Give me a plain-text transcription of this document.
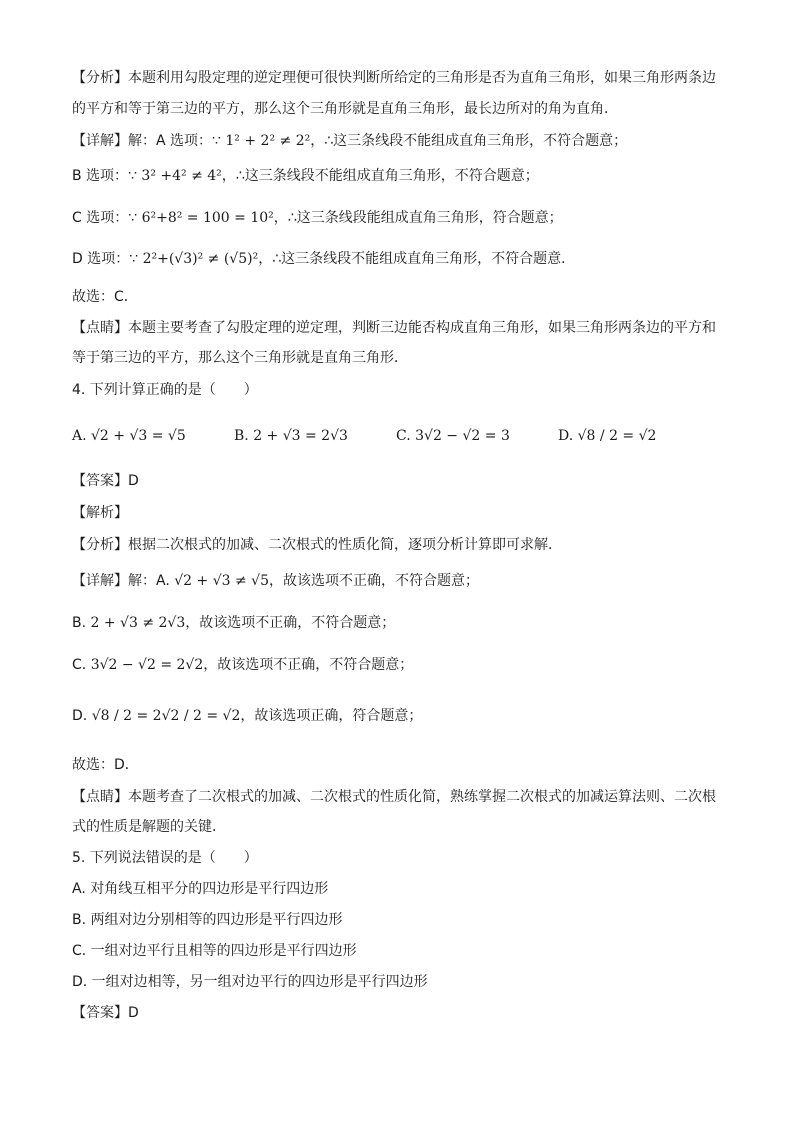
【分析】本题利用勾股定理的逆定理便可很快判断所给定的三角形是否为直角三角形，如果三角形两条边
的平方和等于第三边的平方，那么这个三角形就是直角三角形，最长边所对的角为直角．
【详解】解：A 选项：∵ 1² + 2² ≠ 2²，∴这三条线段不能组成直角三角形，不符合题意；
B 选项：∵ 3² +4² ≠ 4²，∴这三条线段不能组成直角三角形，不符合题意；
C 选项：∵ 6²+8² = 100 = 10²，∴这三条线段能组成直角三角形，符合题意；
D 选项：∵ 2²+(√3)² ≠ (√5)²，∴这三条线段不能组成直角三角形，不符合题意．
故选：C．
【点睛】本题主要考查了勾股定理的逆定理，判断三边能否构成直角三角形，如果三角形两条边的平方和
等于第三边的平方，那么这个三角形就是直角三角形．
4. 下列计算正确的是（　　）
A. √2 + √3 = √5	B. 2 + √3 = 2√3	C. 3√2 − √2 = 3	D. √8 / 2 = √2
【答案】D
【解析】
【分析】根据二次根式的加减、二次根式的性质化简，逐项分析计算即可求解．
【详解】解：A. √2 + √3 ≠ √5，故该选项不正确，不符合题意；
B. 2 + √3 ≠ 2√3，故该选项不正确，不符合题意；
C. 3√2 − √2 = 2√2，故该选项不正确，不符合题意；
D. √8 / 2 = 2√2 / 2 = √2，故该选项正确，符合题意；
故选：D．
【点睛】本题考查了二次根式的加减、二次根式的性质化简，熟练掌握二次根式的加减运算法则、二次根
式的性质是解题的关键．
5. 下列说法错误的是（　　）
A. 对角线互相平分的四边形是平行四边形
B. 两组对边分别相等的四边形是平行四边形
C. 一组对边平行且相等的四边形是平行四边形
D. 一组对边相等，另一组对边平行的四边形是平行四边形
【答案】D
